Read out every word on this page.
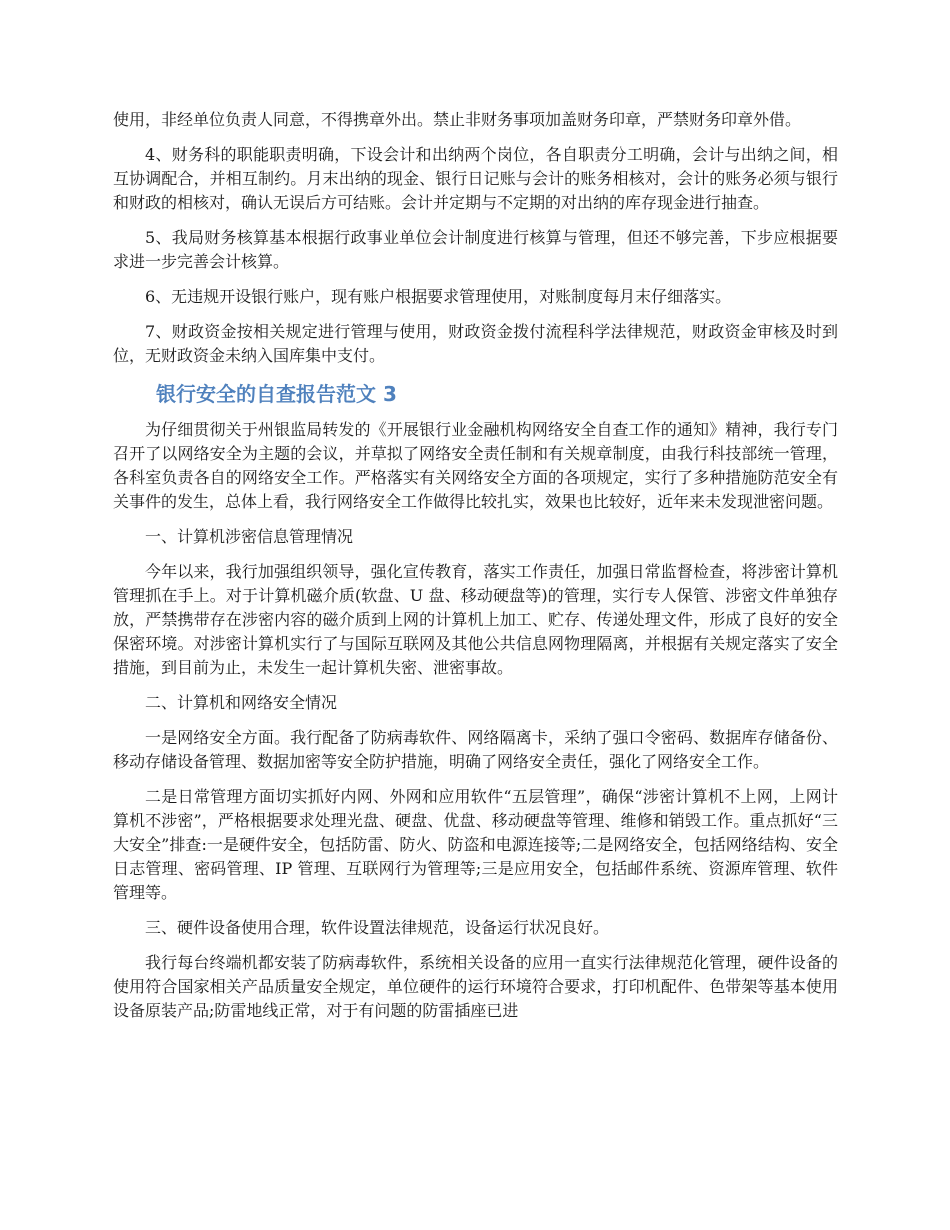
使用，非经单位负责人同意，不得携章外出。禁止非财务事项加盖财务印章，严禁财务印章外借。

4、财务科的职能职责明确，下设会计和出纳两个岗位，各自职责分工明确，会计与出纳之间，相互协调配合，并相互制约。月末出纳的现金、银行日记账与会计的账务相核对，会计的账务必须与银行和财政的相核对，确认无误后方可结账。会计并定期与不定期的对出纳的库存现金进行抽查。

5、我局财务核算基本根据行政事业单位会计制度进行核算与管理，但还不够完善，下步应根据要求进一步完善会计核算。

6、无违规开设银行账户，现有账户根据要求管理使用，对账制度每月末仔细落实。

7、财政资金按相关规定进行管理与使用，财政资金拨付流程科学法律规范，财政资金审核及时到位，无财政资金未纳入国库集中支付。

银行安全的自查报告范文 3

为仔细贯彻关于州银监局转发的《开展银行业金融机构网络安全自查工作的通知》精神，我行专门召开了以网络安全为主题的会议，并草拟了网络安全责任制和有关规章制度，由我行科技部统一管理，各科室负责各自的网络安全工作。严格落实有关网络安全方面的各项规定，实行了多种措施防范安全有关事件的发生，总体上看，我行网络安全工作做得比较扎实，效果也比较好，近年来未发现泄密问题。

一、计算机涉密信息管理情况

今年以来，我行加强组织领导，强化宣传教育，落实工作责任，加强日常监督检查，将涉密计算机管理抓在手上。对于计算机磁介质(软盘、U 盘、移动硬盘等)的管理，实行专人保管、涉密文件单独存放，严禁携带存在涉密内容的磁介质到上网的计算机上加工、贮存、传递处理文件，形成了良好的安全保密环境。对涉密计算机实行了与国际互联网及其他公共信息网物理隔离，并根据有关规定落实了安全措施，到目前为止，未发生一起计算机失密、泄密事故。

二、计算机和网络安全情况

一是网络安全方面。我行配备了防病毒软件、网络隔离卡，采纳了强口令密码、数据库存储备份、移动存储设备管理、数据加密等安全防护措施，明确了网络安全责任，强化了网络安全工作。

二是日常管理方面切实抓好内网、外网和应用软件“五层管理”，确保“涉密计算机不上网，上网计算机不涉密”，严格根据要求处理光盘、硬盘、优盘、移动硬盘等管理、维修和销毁工作。重点抓好“三大安全”排查:一是硬件安全，包括防雷、防火、防盗和电源连接等;二是网络安全，包括网络结构、安全日志管理、密码管理、IP 管理、互联网行为管理等;三是应用安全，包括邮件系统、资源库管理、软件管理等。

三、硬件设备使用合理，软件设置法律规范，设备运行状况良好。

我行每台终端机都安装了防病毒软件，系统相关设备的应用一直实行法律规范化管理，硬件设备的使用符合国家相关产品质量安全规定，单位硬件的运行环境符合要求，打印机配件、色带架等基本使用设备原装产品;防雷地线正常，对于有问题的防雷插座已进
